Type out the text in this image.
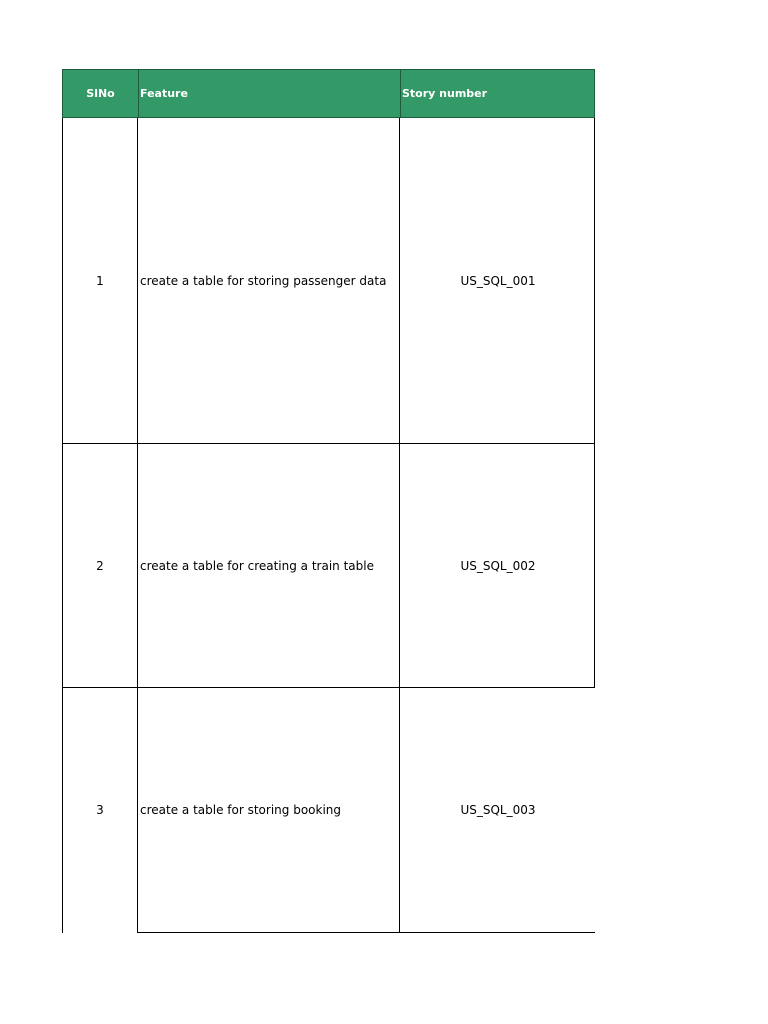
SlNo	Feature	Story number
1	create a table for storing passenger data	US_SQL_001
2	create a table for creating a train table	US_SQL_002
3	create a table for storing booking	US_SQL_003
